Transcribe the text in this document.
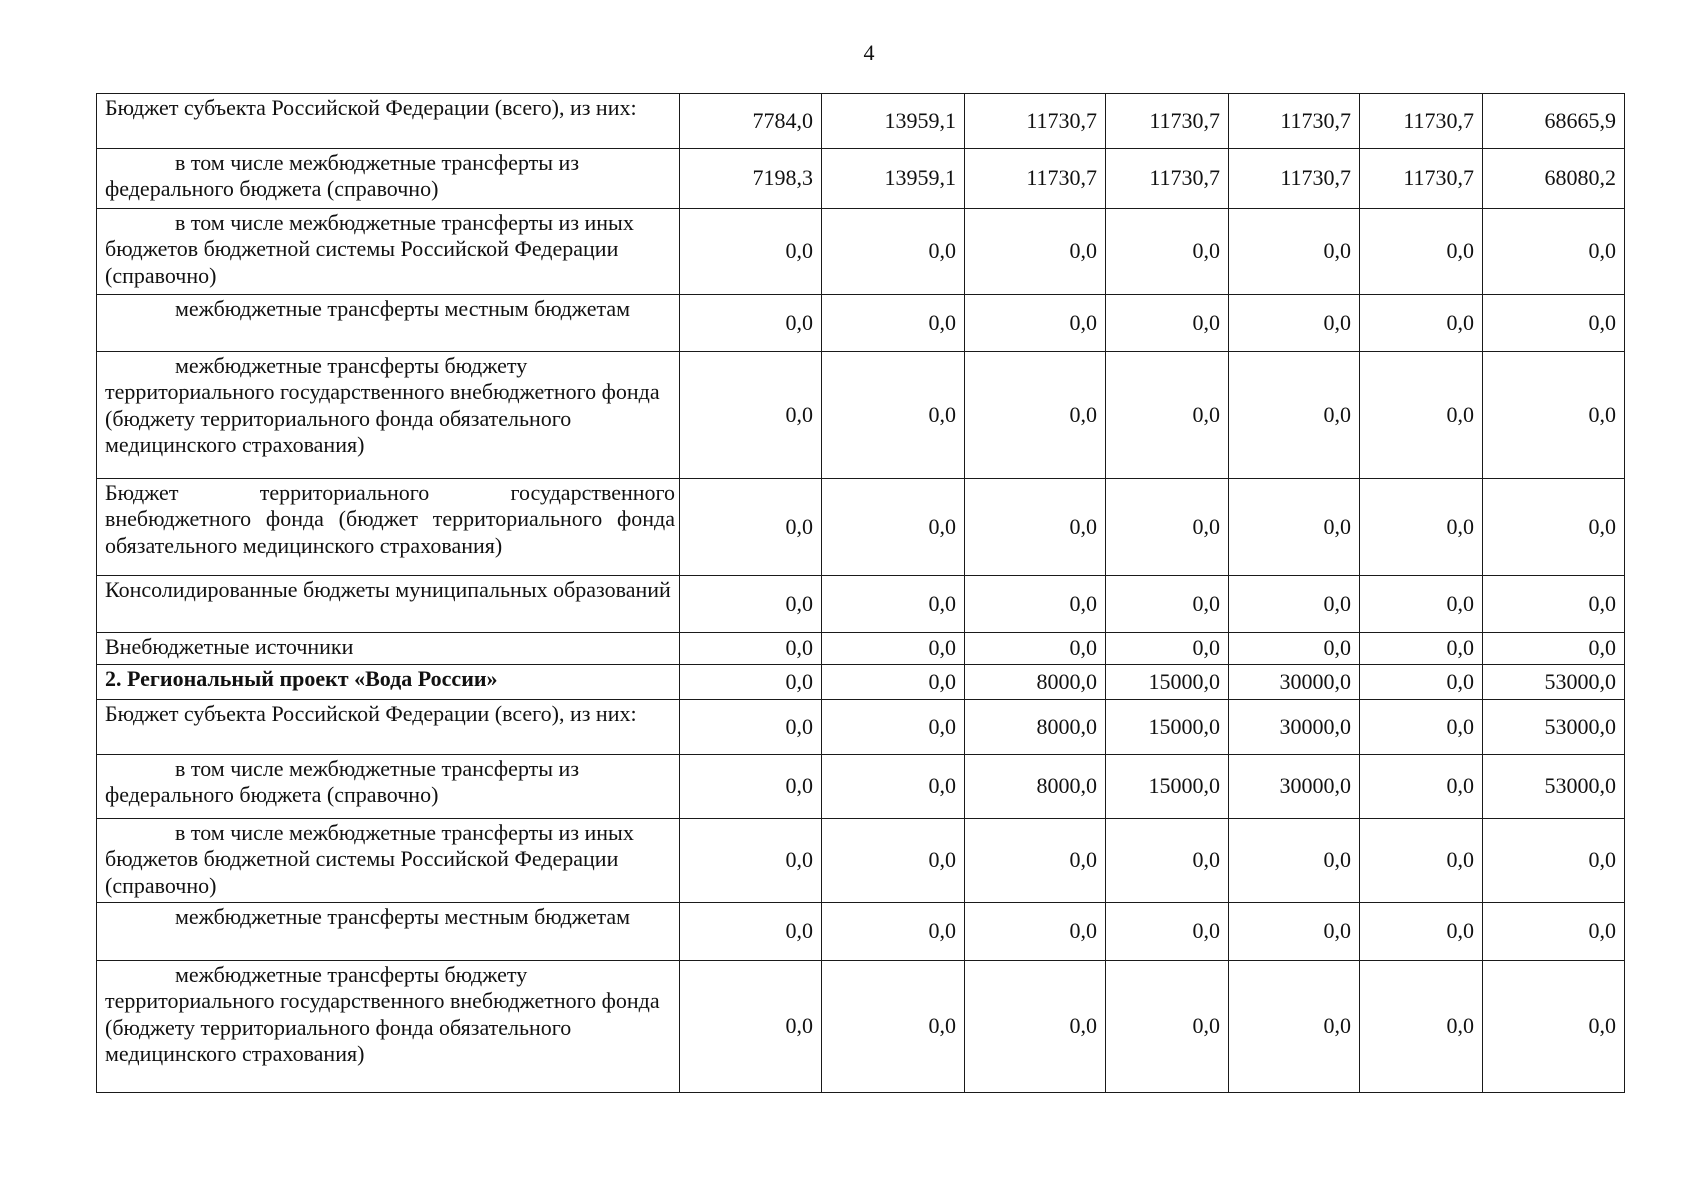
4
Бюджет субъекта Российской Федерации (всего), из них:	7784,0	13959,1	11730,7	11730,7	11730,7	11730,7	68665,9
в том числе межбюджетные трансферты из федерального бюджета (справочно)	7198,3	13959,1	11730,7	11730,7	11730,7	11730,7	68080,2
в том числе межбюджетные трансферты из иных бюджетов бюджетной системы Российской Федерации (справочно)	0,0	0,0	0,0	0,0	0,0	0,0	0,0
межбюджетные трансферты местным бюджетам	0,0	0,0	0,0	0,0	0,0	0,0	0,0
межбюджетные трансферты бюджету территориального государственного внебюджетного фонда (бюджету территориального фонда обязательного медицинского страхования)	0,0	0,0	0,0	0,0	0,0	0,0	0,0
Бюджет территориального государственного внебюджетного фонда (бюджет территориального фонда обязательного медицинского страхования)	0,0	0,0	0,0	0,0	0,0	0,0	0,0
Консолидированные бюджеты муниципальных образований	0,0	0,0	0,0	0,0	0,0	0,0	0,0
Внебюджетные источники	0,0	0,0	0,0	0,0	0,0	0,0	0,0
2. Региональный проект «Вода России»	0,0	0,0	8000,0	15000,0	30000,0	0,0	53000,0
Бюджет субъекта Российской Федерации (всего), из них:	0,0	0,0	8000,0	15000,0	30000,0	0,0	53000,0
в том числе межбюджетные трансферты из федерального бюджета (справочно)	0,0	0,0	8000,0	15000,0	30000,0	0,0	53000,0
в том числе межбюджетные трансферты из иных бюджетов бюджетной системы Российской Федерации (справочно)	0,0	0,0	0,0	0,0	0,0	0,0	0,0
межбюджетные трансферты местным бюджетам	0,0	0,0	0,0	0,0	0,0	0,0	0,0
межбюджетные трансферты бюджету территориального государственного внебюджетного фонда (бюджету территориального фонда обязательного медицинского страхования)	0,0	0,0	0,0	0,0	0,0	0,0	0,0
